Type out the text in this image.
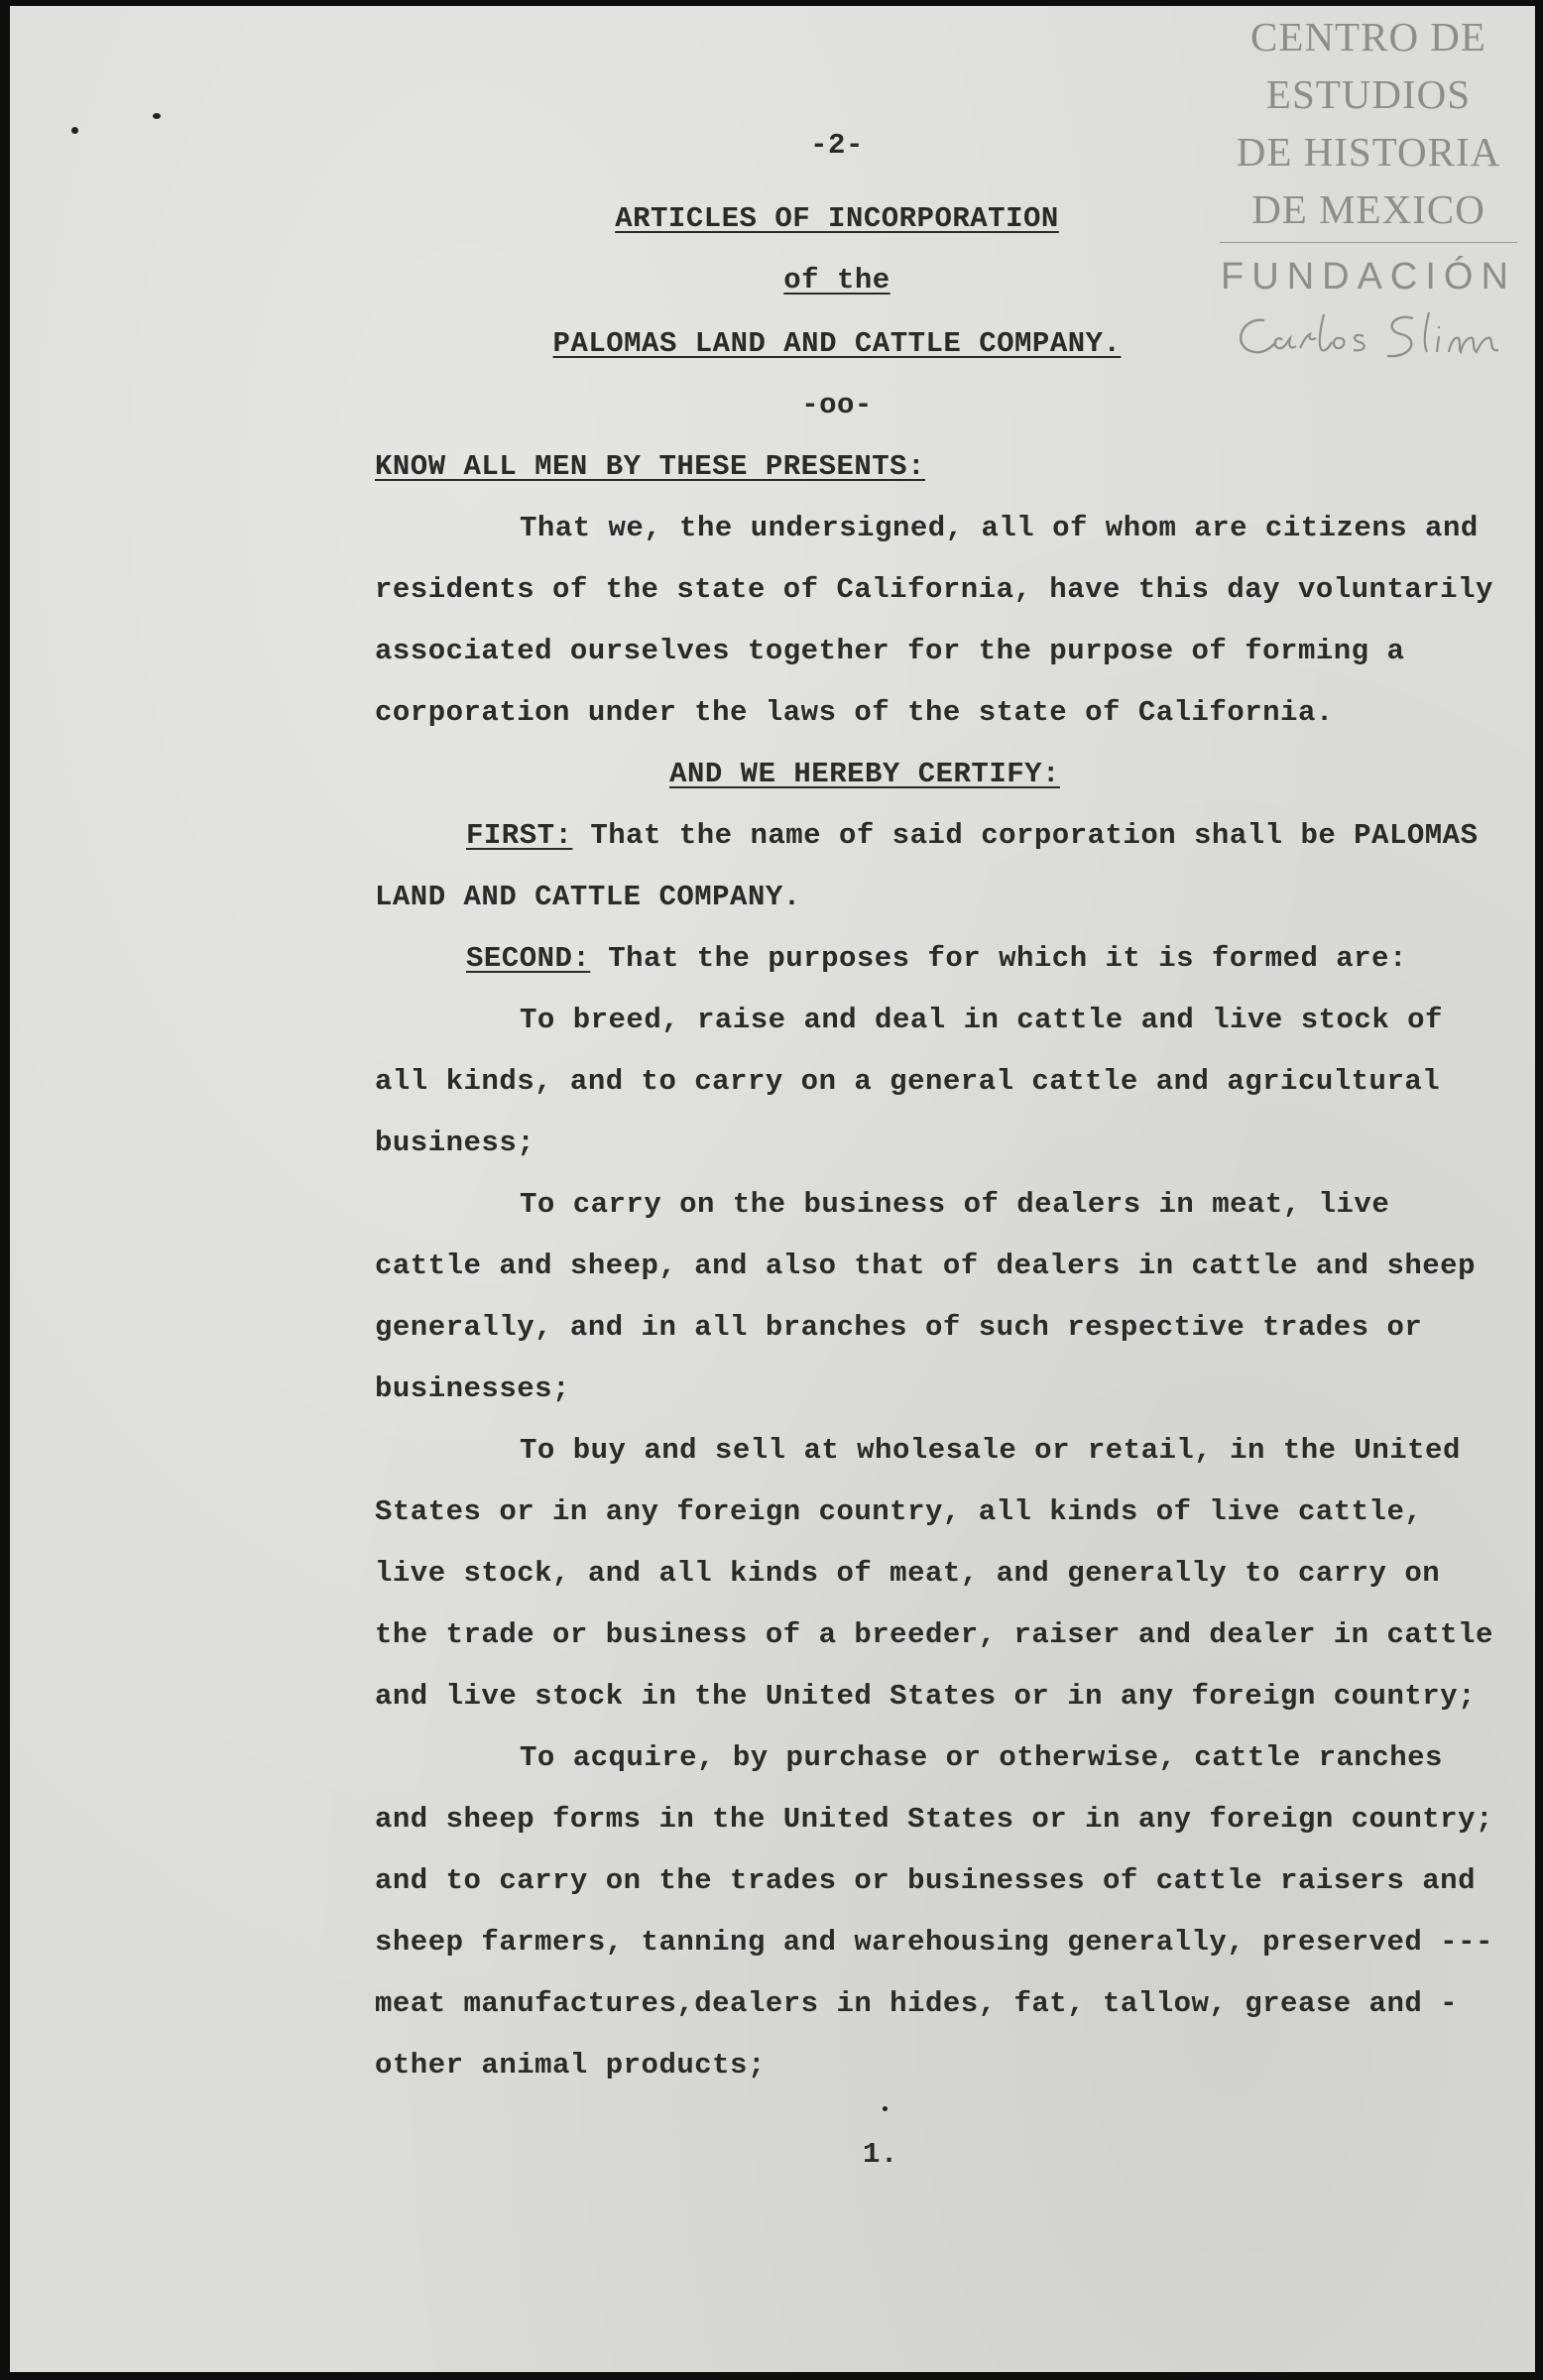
CENTRO DE
ESTUDIOS
DE HISTORIA
DE MEXICO
FUNDACIÓN
-2-
ARTICLES OF INCORPORATION
of the
PALOMAS LAND AND CATTLE COMPANY.
-oo-
KNOW ALL MEN BY THESE PRESENTS:
That we, the undersigned, all of whom are citizens and
residents of the state of California, have this day voluntarily
associated ourselves together for the purpose of forming a
corporation under the laws of the state of California.
AND WE HEREBY CERTIFY:
FIRST: That the name of said corporation shall be PALOMAS
LAND AND CATTLE COMPANY.
SECOND: That the purposes for which it is formed are:
To breed, raise and deal in cattle and live stock of
all kinds, and to carry on a general cattle and agricultural
business;
To carry on the business of dealers in meat, live
cattle and sheep, and also that of dealers in cattle and sheep
generally, and in all branches of such respective trades or
businesses;
To buy and sell at wholesale or retail, in the United
States or in any foreign country, all kinds of live cattle,
live stock, and all kinds of meat, and generally to carry on
the trade or business of a breeder, raiser and dealer in cattle
and live stock in the United States or in any foreign country;
To acquire, by purchase or otherwise, cattle ranches
and sheep forms in the United States or in any foreign country;
and to carry on the trades or businesses of cattle raisers and
sheep farmers, tanning and warehousing generally, preserved ---
meat manufactures,dealers in hides, fat, tallow, grease and -
other animal products;
1.
